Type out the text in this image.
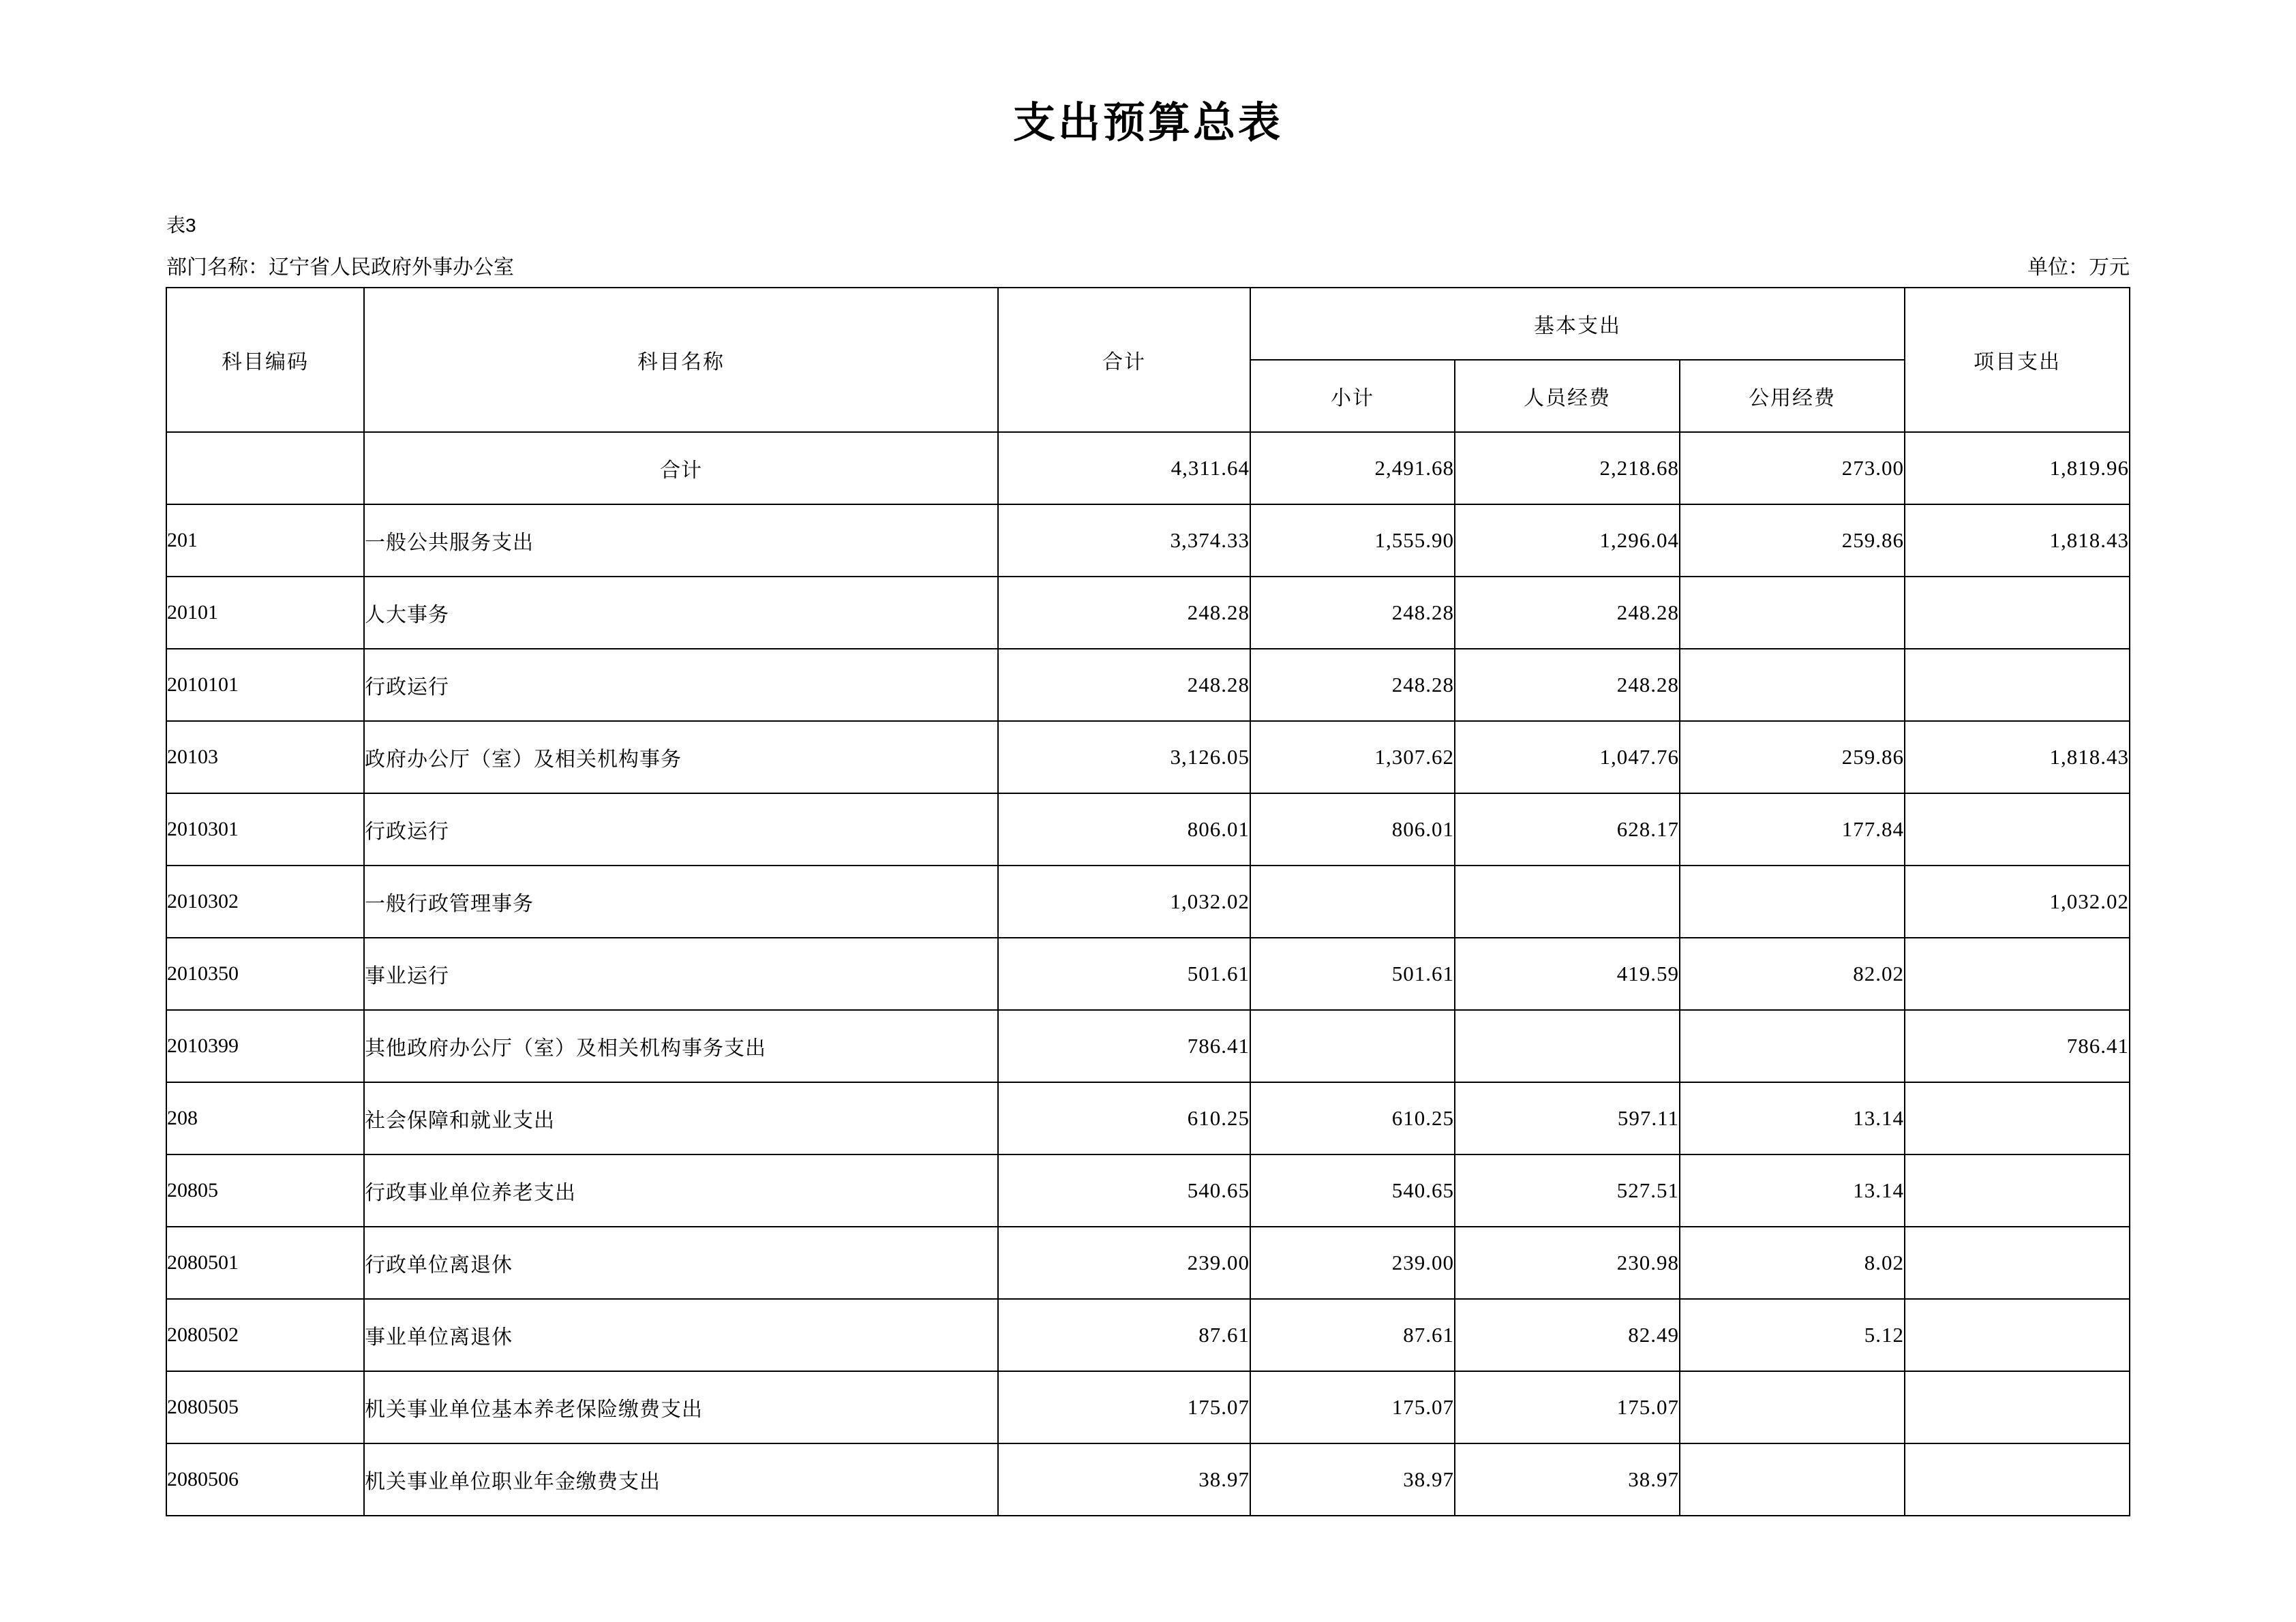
支出预算总表
表3
部门名称：辽宁省人民政府外事办公室	单位：万元
科目编码	科目名称	合计	基本支出			项目支出
			小计	人员经费	公用经费	
	合计	4,311.64	2,491.68	2,218.68	273.00	1,819.96
201	一般公共服务支出	3,374.33	1,555.90	1,296.04	259.86	1,818.43
20101	人大事务	248.28	248.28	248.28		
2010101	行政运行	248.28	248.28	248.28		
20103	政府办公厅（室）及相关机构事务	3,126.05	1,307.62	1,047.76	259.86	1,818.43
2010301	行政运行	806.01	806.01	628.17	177.84	
2010302	一般行政管理事务	1,032.02				1,032.02
2010350	事业运行	501.61	501.61	419.59	82.02	
2010399	其他政府办公厅（室）及相关机构事务支出	786.41				786.41
208	社会保障和就业支出	610.25	610.25	597.11	13.14	
20805	行政事业单位养老支出	540.65	540.65	527.51	13.14	
2080501	行政单位离退休	239.00	239.00	230.98	8.02	
2080502	事业单位离退休	87.61	87.61	82.49	5.12	
2080505	机关事业单位基本养老保险缴费支出	175.07	175.07	175.07		
2080506	机关事业单位职业年金缴费支出	38.97	38.97	38.97		
